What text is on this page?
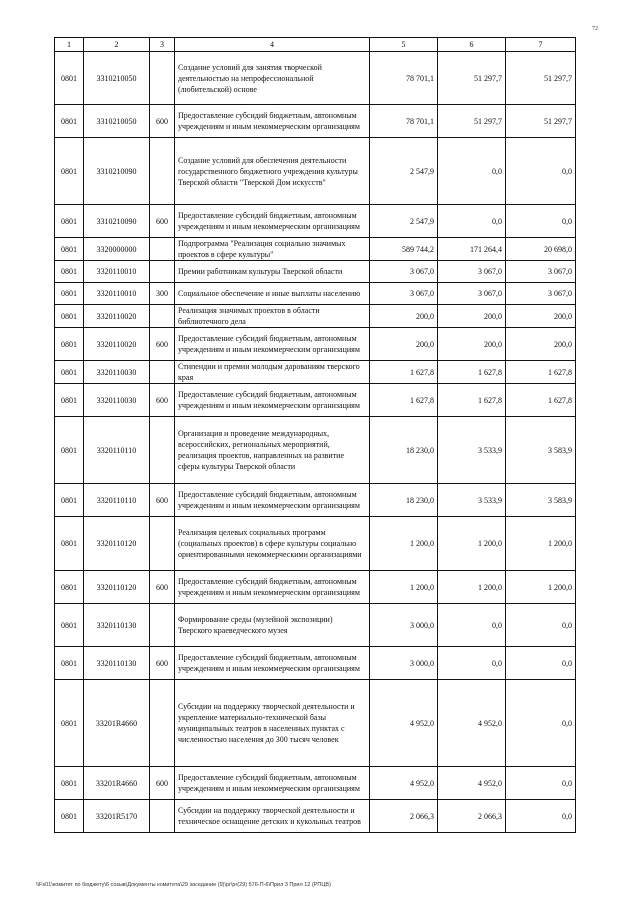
72
1	2	3	4	5	6	7
0801	3310210050		Создание условий для занятия творческой деятельностью на непрофессиональной (любительской) основе	78 701,1	51 297,7	51 297,7
0801	3310210050	600	Предоставление субсидий бюджетным, автономным учреждениям и иным некоммерческим организациям	78 701,1	51 297,7	51 297,7
0801	3310210090		Создание условий для обеспечения деятельности государственного бюджетного учреждения культуры Тверской области "Тверской Дом искусств"	2 547,9	0,0	0,0
0801	3310210090	600	Предоставление субсидий бюджетным, автономным учреждениям и иным некоммерческим организациям	2 547,9	0,0	0,0
0801	3320000000		Подпрограмма "Реализация социально значимых проектов в сфере культуры"	589 744,2	171 264,4	20 698,0
0801	3320110010		Премии работникам культуры Тверской области	3 067,0	3 067,0	3 067,0
0801	3320110010	300	Социальное обеспечение и иные выплаты населению	3 067,0	3 067,0	3 067,0
0801	3320110020		Реализация значимых проектов в области библиотечного дела	200,0	200,0	200,0
0801	3320110020	600	Предоставление субсидий бюджетным, автономным учреждениям и иным некоммерческим организациям	200,0	200,0	200,0
0801	3320110030		Стипендии и премии молодым дарованиям тверского края	1 627,8	1 627,8	1 627,8
0801	3320110030	600	Предоставление субсидий бюджетным, автономным учреждениям и иным некоммерческим организациям	1 627,8	1 627,8	1 627,8
0801	3320110110		Организация и проведение международных, всероссийских, региональных мероприятий, реализация проектов, направленных на развитие сферы культуры Тверской области	18 230,0	3 533,9	3 583,9
0801	3320110110	600	Предоставление субсидий бюджетным, автономным учреждениям и иным некоммерческим организациям	18 230,0	3 533,9	3 583,9
0801	3320110120		Реализация целевых социальных программ (социальных проектов) в сфере культуры социально ориентированными некоммерческими организациями	1 200,0	1 200,0	1 200,0
0801	3320110120	600	Предоставление субсидий бюджетным, автономным учреждениям и иным некоммерческим организациям	1 200,0	1 200,0	1 200,0
0801	3320110130		Формирование среды (музейной экспозиции) Тверского краеведческого музея	3 000,0	0,0	0,0
0801	3320110130	600	Предоставление субсидий бюджетным, автономным учреждениям и иным некоммерческим организациям	3 000,0	0,0	0,0
0801	33201R4660		Субсидии на поддержку творческой деятельности и укрепление материально-технической базы муниципальных театров в населенных пунктах с численностью населения до 300 тысяч человек	4 952,0	4 952,0	0,0
0801	33201R4660	600	Предоставление субсидий бюджетным, автономным учреждениям и иным некоммерческим организациям	4 952,0	4 952,0	0,0
0801	33201R5170		Субсидии на поддержку творческой деятельности и техническое оснащение детских и кукольных театров	2 066,3	2 066,3	0,0
\\Fs01\комитет по бюджету\6 созыв\Документы комитета\29 заседание (9)\pr\pr(29) 576-П-6\Прил 3 Прил 12 (РПЦВ)
